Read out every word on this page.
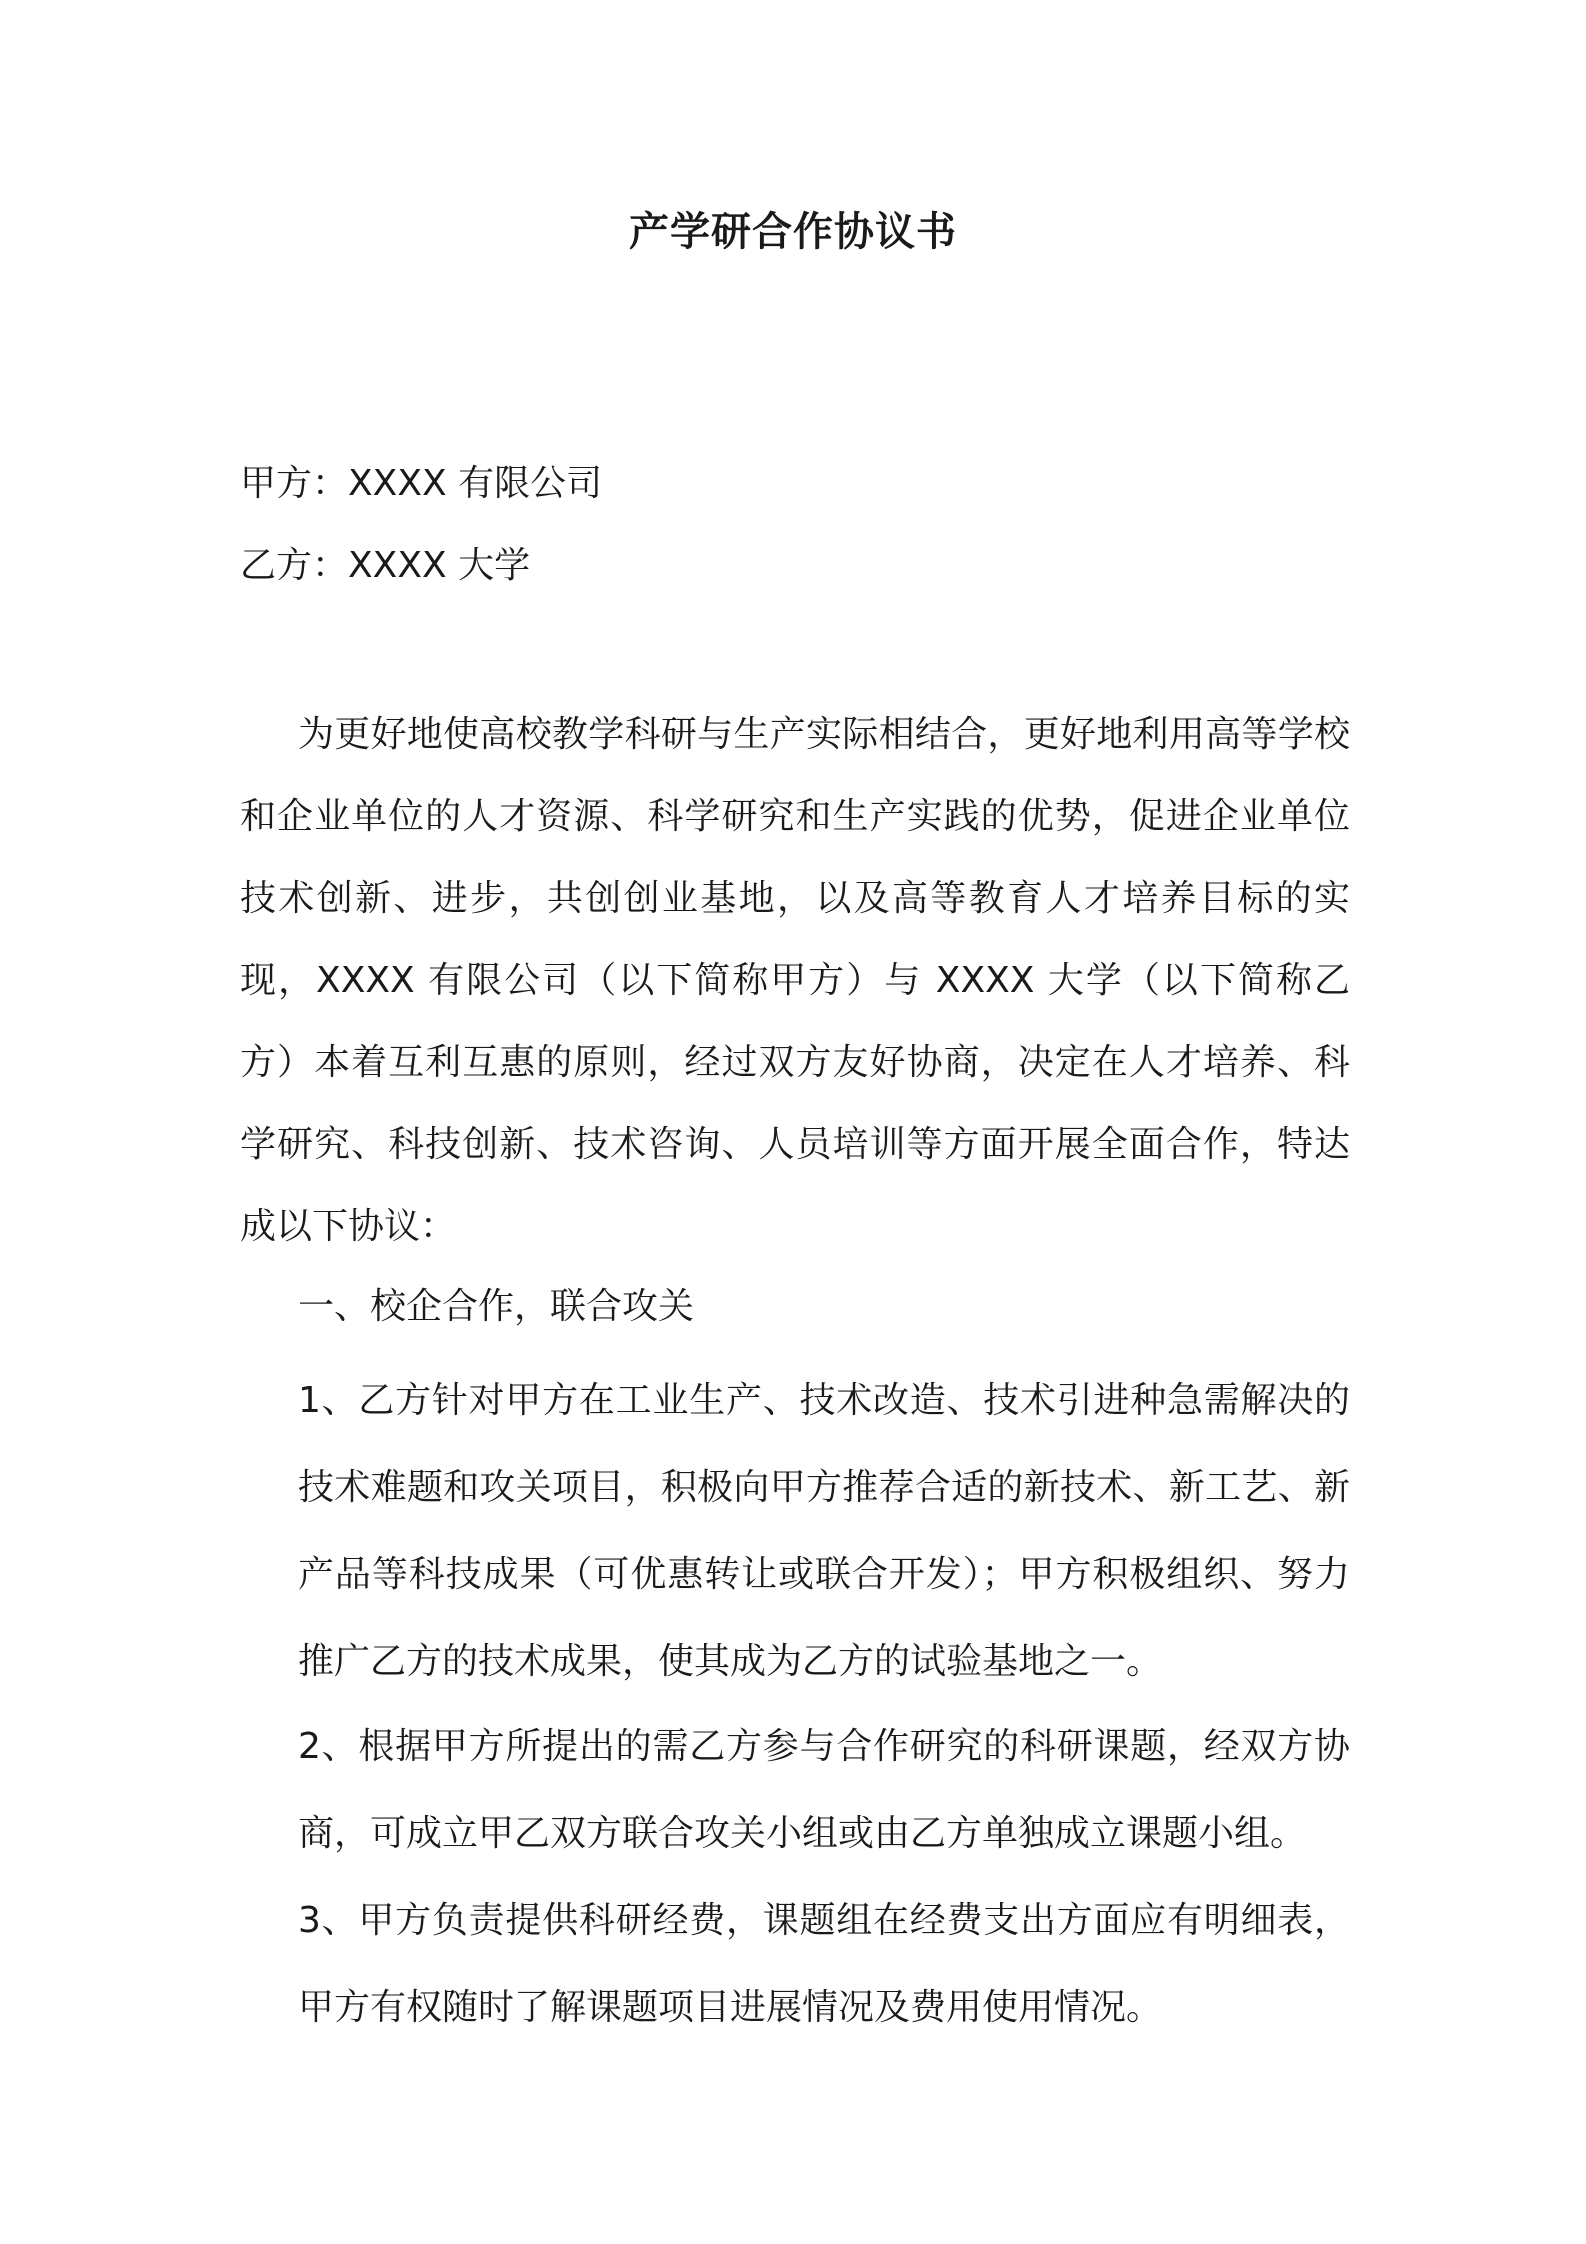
产学研合作协议书
甲方：XXXX 有限公司
乙方：XXXX 大学

为更好地使高校教学科研与生产实际相结合，更好地利用高等学校和企业单位的人才资源、科学研究和生产实践的优势，促进企业单位技术创新、进步，共创创业基地，以及高等教育人才培养目标的实现，XXXX 有限公司（以下简称甲方）与 XXXX 大学（以下简称乙方）本着互利互惠的原则，经过双方友好协商，决定在人才培养、科学研究、科技创新、技术咨询、人员培训等方面开展全面合作，特达成以下协议：

一、校企合作，联合攻关

1、乙方针对甲方在工业生产、技术改造、技术引进种急需解决的技术难题和攻关项目，积极向甲方推荐合适的新技术、新工艺、新产品等科技成果（可优惠转让或联合开发）；甲方积极组织、努力推广乙方的技术成果，使其成为乙方的试验基地之一。

2、根据甲方所提出的需乙方参与合作研究的科研课题，经双方协商，可成立甲乙双方联合攻关小组或由乙方单独成立课题小组。

3、甲方负责提供科研经费，课题组在经费支出方面应有明细表，甲方有权随时了解课题项目进展情况及费用使用情况。
